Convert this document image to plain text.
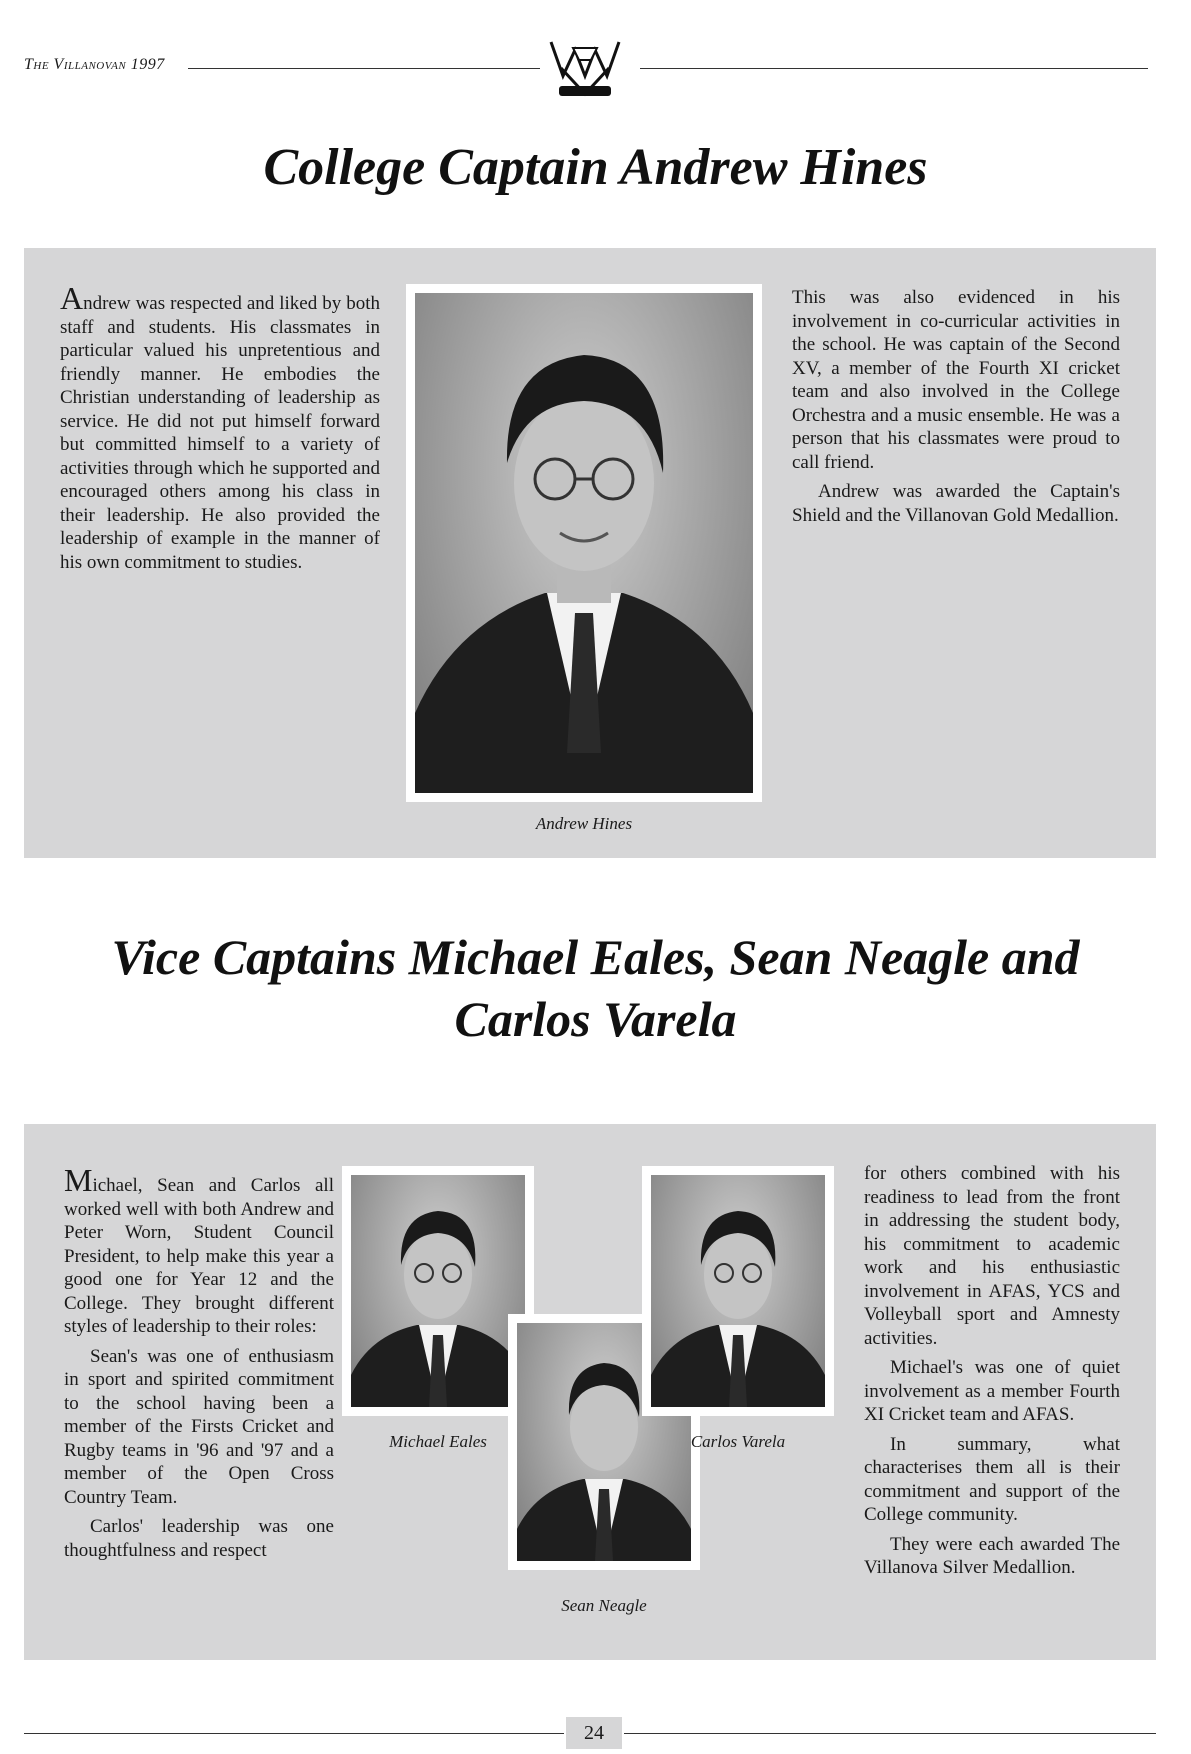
The Villanovan 1997
College Captain Andrew Hines

Andrew was respected and liked by both staff and students. His classmates in particular valued his unpretentious and friendly manner. He embodies the Christian understanding of leadership as service. He did not put himself forward but committed himself to a variety of activities through which he supported and encouraged others among his class in their leadership. He also provided the leadership of example in the manner of his own commitment to studies.

Andrew Hines

This was also evidenced in his involvement in co-curricular activities in the school. He was captain of the Second XV, a member of the Fourth XI cricket team and also involved in the College Orchestra and a music ensemble. He was a person that his classmates were proud to call friend.

Andrew was awarded the Captain's Shield and the Villanovan Gold Medallion.

Vice Captains Michael Eales, Sean Neagle and
Carlos Varela

Michael, Sean and Carlos all worked well with both Andrew and Peter Worn, Student Council President, to help make this year a good one for Year 12 and the College. They brought different styles of leadership to their roles:

Sean's was one of enthusiasm in sport and spirited commitment to the school having been a member of the Firsts Cricket and Rugby teams in '96 and '97 and a member of the Open Cross Country Team.

Carlos' leadership was one thoughtfulness and respect

Michael Eales
Sean Neagle
Carlos Varela

for others combined with his readiness to lead from the front in addressing the student body, his commitment to academic work and his enthusiastic involvement in AFAS, YCS and Volleyball sport and Amnesty activities.

Michael's was one of quiet involvement as a member Fourth XI Cricket team and AFAS.

In summary, what characterises them all is their commitment and support of the College community.

They were each awarded The Villanova Silver Medallion.

24
